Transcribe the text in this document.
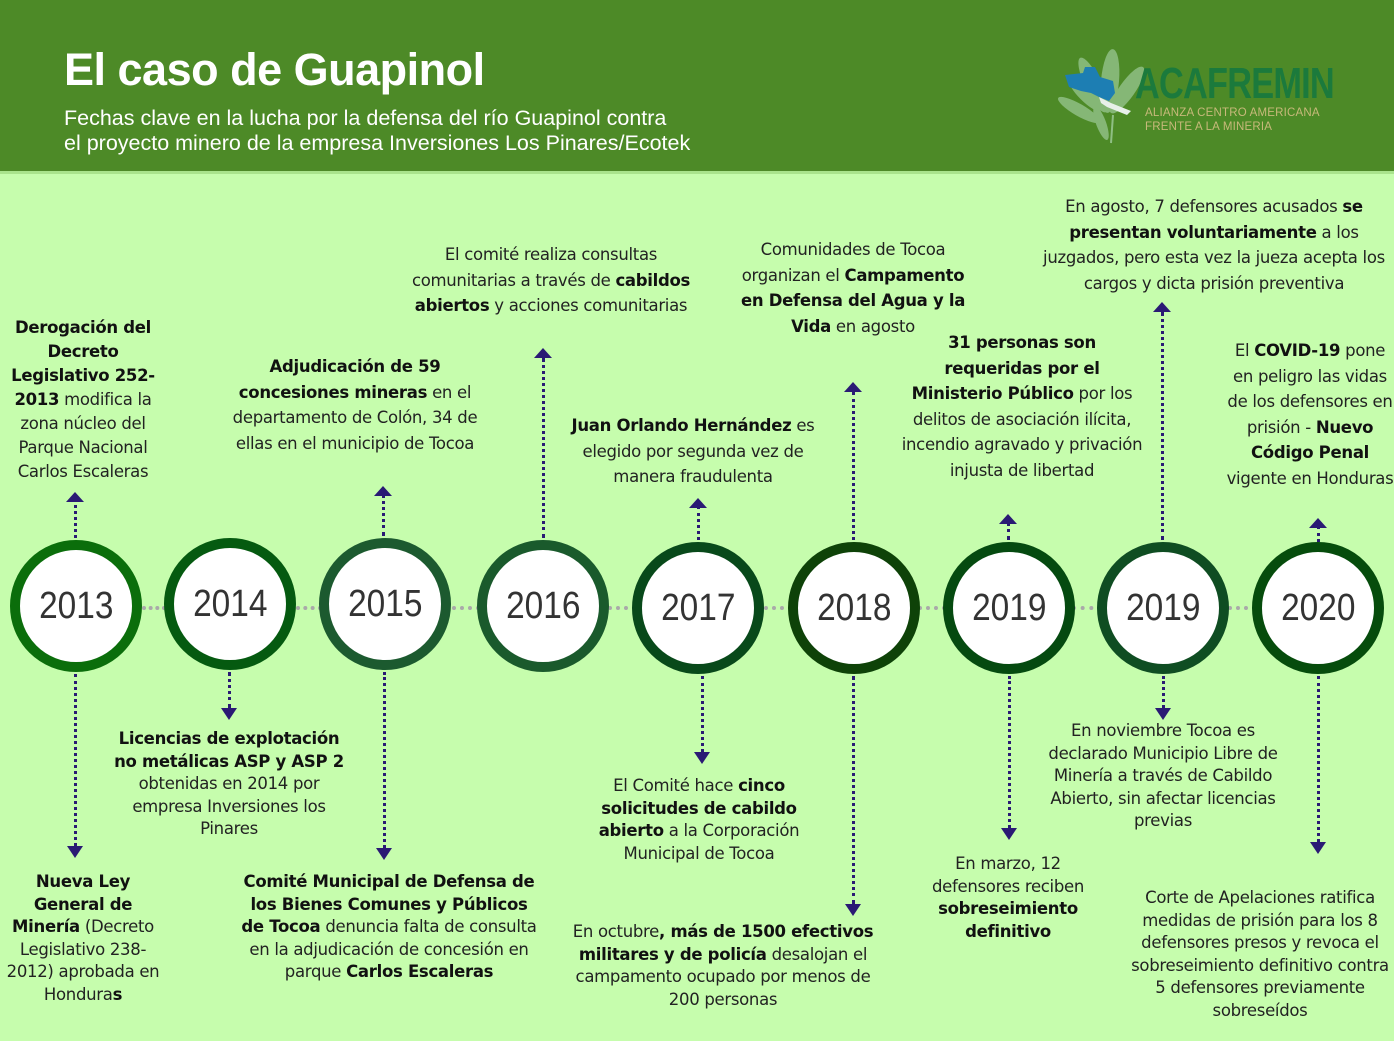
El caso de Guapinol
Fechas clave en la lucha por la defensa del río Guapinol contra
el proyecto minero de la empresa Inversiones Los Pinares/Ecotek
ACAFREMIN
ALIANZA CENTRO AMERICANA
FRENTE A LA MINERIA
2013 2014 2015 2016 2017 2018 2019 2019 2020
Derogación del Decreto Legislativo 252-2013 modifica la zona núcleo del Parque Nacional Carlos Escaleras
Nueva Ley General de Minería (Decreto Legislativo 238-2012) aprobada en Honduras
Licencias de explotación no metálicas ASP y ASP 2 obtenidas en 2014 por empresa Inversiones los Pinares
Adjudicación de 59 concesiones mineras en el departamento de Colón, 34 de ellas en el municipio de Tocoa
Comité Municipal de Defensa de los Bienes Comunes y Públicos de Tocoa denuncia falta de consulta en la adjudicación de concesión en parque Carlos Escaleras
El comité realiza consultas comunitarias a través de cabildos abiertos y acciones comunitarias
Juan Orlando Hernández es elegido por segunda vez de manera fraudulenta
El Comité hace cinco solicitudes de cabildo abierto a la Corporación Municipal de Tocoa
Comunidades de Tocoa organizan el Campamento en Defensa del Agua y la Vida en agosto
En octubre, más de 1500 efectivos militares y de policía desalojan el campamento ocupado por menos de 200 personas
31 personas son requeridas por el Ministerio Público por los delitos de asociación ilícita, incendio agravado y privación injusta de libertad
En marzo, 12 defensores reciben sobreseimiento definitivo
En agosto, 7 defensores acusados se presentan voluntariamente a los juzgados, pero esta vez la jueza acepta los cargos y dicta prisión preventiva
En noviembre Tocoa es declarado Municipio Libre de Minería a través de Cabildo Abierto, sin afectar licencias previas
El COVID-19 pone en peligro las vidas de los defensores en prisión - Nuevo Código Penal vigente en Honduras
Corte de Apelaciones ratifica medidas de prisión para los 8 defensores presos y revoca el sobreseimiento definitivo contra 5 defensores previamente sobreseídos
